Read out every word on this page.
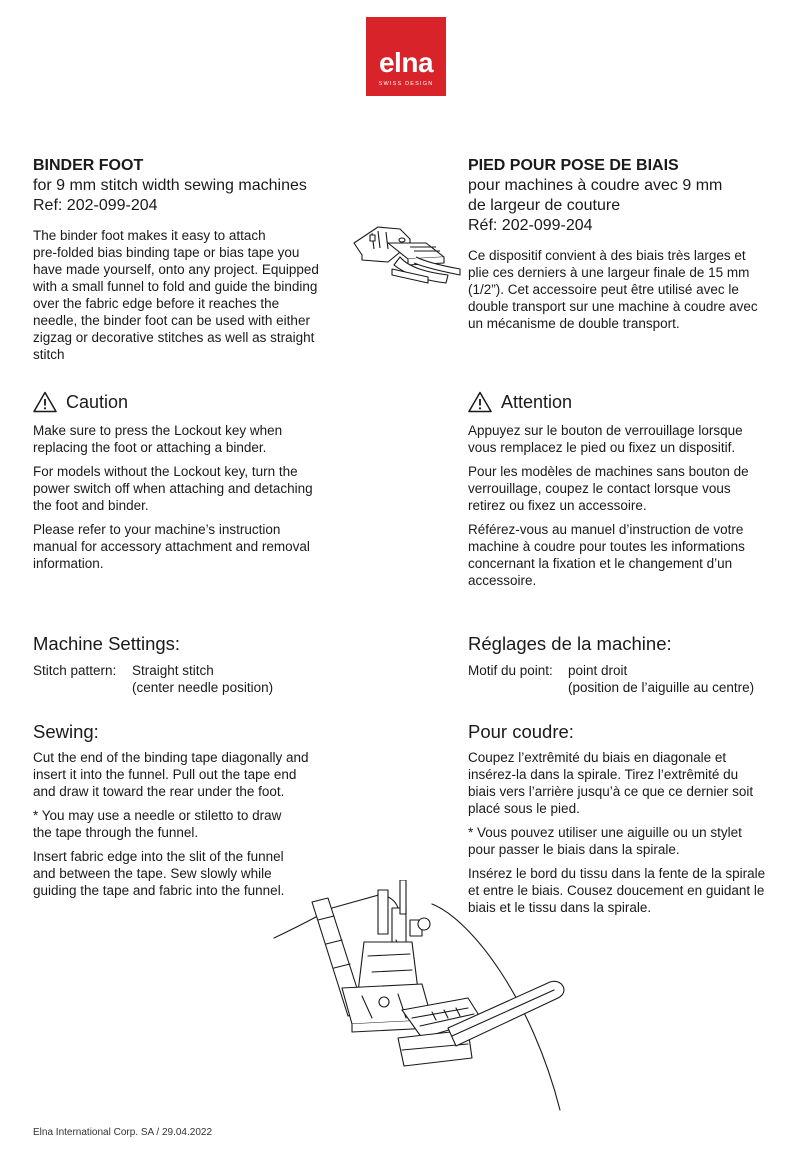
elna
SWISS DESIGN

BINDER FOOT

for 9 mm stitch width sewing machines

Ref: 202-099-204

The binder foot makes it easy to attach

pre-folded bias binding tape or bias tape you

have made yourself, onto any project. Equipped

with a small funnel to fold and guide the binding

over the fabric edge before it reaches the

needle, the binder foot can be used with either

zigzag or decorative stitches as well as straight

stitch

Caution

Make sure to press the Lockout key when

replacing the foot or attaching a binder.

For models without the Lockout key, turn the

power switch off when attaching and detaching

the foot and binder.

Please refer to your machine’s instruction

manual for accessory attachment and removal

information.

Machine Settings:

Stitch pattern:	Straight stitch
(center needle position)

Sewing:

Cut the end of the binding tape diagonally and

insert it into the funnel. Pull out the tape end

and draw it toward the rear under the foot.

* You may use a needle or stiletto to draw

the tape through the funnel.

Insert fabric edge into the slit of the funnel

and between the tape. Sew slowly while

guiding the tape and fabric into the funnel.

PIED POUR POSE DE BIAIS

pour machines à coudre avec 9 mm

de largeur de couture

Réf: 202-099-204

Ce dispositif convient à des biais très larges et

plie ces derniers à une largeur finale de 15 mm

(1/2”). Cet accessoire peut être utilisé avec le

double transport sur une machine à coudre avec

un mécanisme de double transport.

Attention

Appuyez sur le bouton de verrouillage lorsque

vous remplacez le pied ou fixez un dispositif.

Pour les modèles de machines sans bouton de

verrouillage, coupez le contact lorsque vous

retirez ou fixez un accessoire.

Référez-vous au manuel d’instruction de votre

machine à coudre pour toutes les informations

concernant la fixation et le changement d’un

accessoire.

Réglages de la machine:

Motif du point:	point droit
(position de l’aiguille au centre)

Pour coudre:

Coupez l’extrêmité du biais en diagonale et

insérez-la dans la spirale. Tirez l’extrêmité du

biais vers l’arrière jusqu’à ce que ce dernier soit

placé sous le pied.

* Vous pouvez utiliser une aiguille ou un stylet

pour passer le biais dans la spirale.

Insérez le bord du tissu dans la fente de la spirale

et entre le biais. Cousez doucement en guidant le

biais et le tissu dans la spirale.

Elna International Corp. SA / 29.04.2022
